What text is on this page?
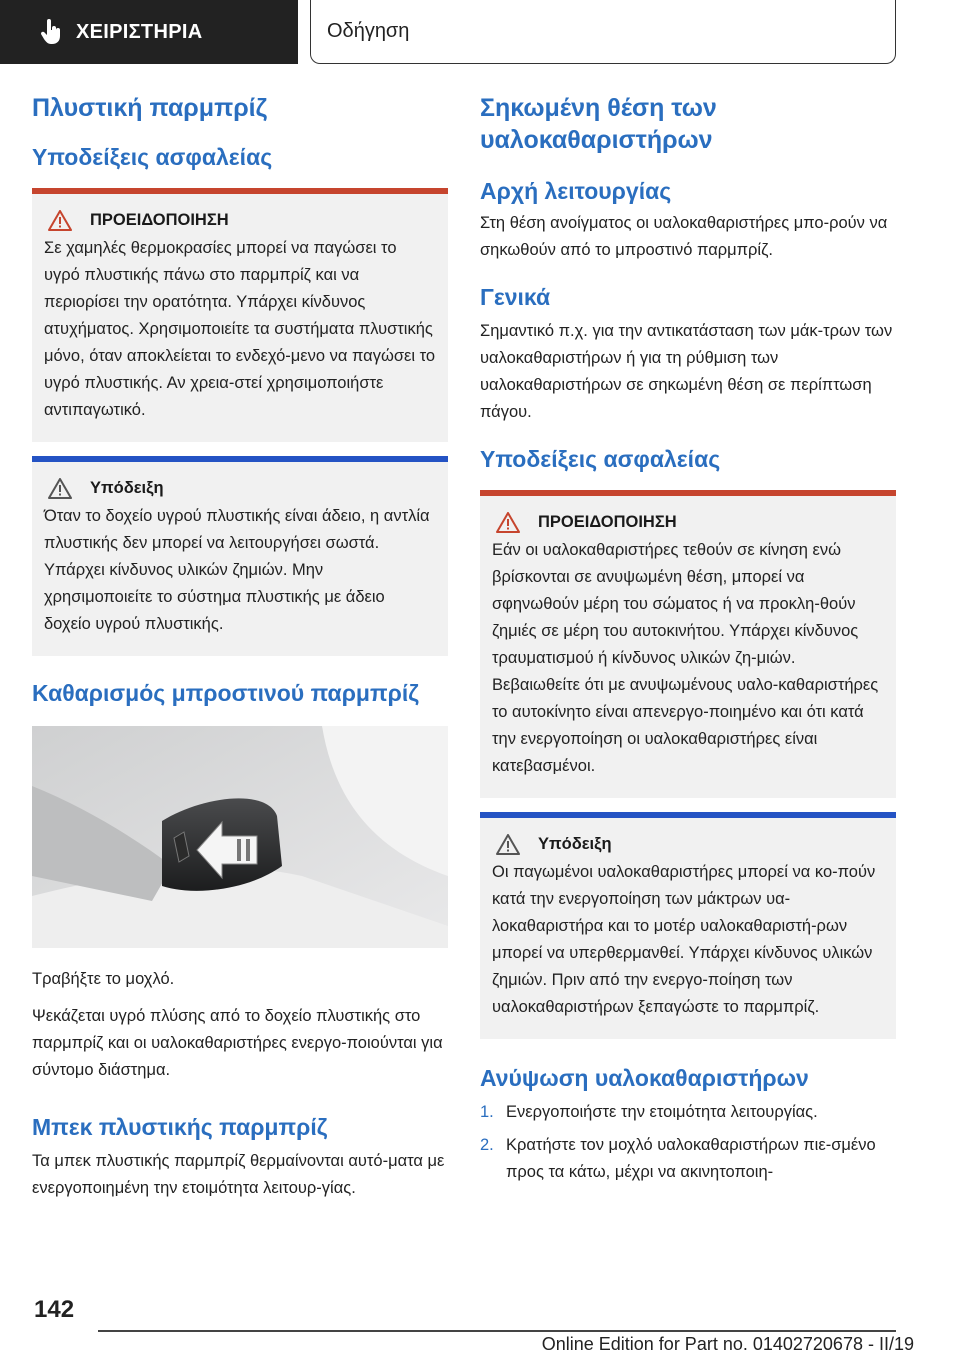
ΧΕΙΡΙΣΤΗΡΙΑ	Οδήγηση
Πλυστική παρμπρίζ
Υποδείξεις ασφαλείας
ΠΡΟΕΙΔΟΠΟΙΗΣΗ

Σε χαμηλές θερμοκρασίες μπορεί να παγώσει το υγρό πλυστικής πάνω στο παρμπρίζ και να περιορίσει την ορατότητα. Υπάρχει κίνδυνος ατυχήματος. Χρησιμοποιείτε τα συστήματα πλυστικής μόνο, όταν αποκλείεται το ενδεχό-μενο να παγώσει το υγρό πλυστικής. Αν χρεια-στεί χρησιμοποιήστε αντιπαγωτικό.

Υπόδειξη

Όταν το δοχείο υγρού πλυστικής είναι άδειο, η αντλία πλυστικής δεν μπορεί να λειτουργήσει σωστά. Υπάρχει κίνδυνος υλικών ζημιών. Μην χρησιμοποιείτε το σύστημα πλυστικής με άδειο δοχείο υγρού πλυστικής.

Καθαρισμός μπροστινού παρμπρίζ

Τραβήξτε το μοχλό.

Ψεκάζεται υγρό πλύσης από το δοχείο πλυστικής στο παρμπρίζ και οι υαλοκαθαριστήρες ενεργο-ποιούνται για σύντομο διάστημα.

Μπεκ πλυστικής παρμπρίζ

Τα μπεκ πλυστικής παρμπρίζ θερμαίνονται αυτό-ματα με ενεργοποιημένη την ετοιμότητα λειτουρ-γίας.

Σηκωμένη θέση των υαλοκαθαριστήρων
Αρχή λειτουργίας

Στη θέση ανοίγματος οι υαλοκαθαριστήρες μπο-ρούν να σηκωθούν από το μπροστινό παρμπρίζ.

Γενικά

Σημαντικό π.χ. για την αντικατάσταση των μάκ-τρων των υαλοκαθαριστήρων ή για τη ρύθμιση των υαλοκαθαριστήρων σε σηκωμένη θέση σε περίπτωση πάγου.

Υποδείξεις ασφαλείας
ΠΡΟΕΙΔΟΠΟΙΗΣΗ

Εάν οι υαλοκαθαριστήρες τεθούν σε κίνηση ενώ βρίσκονται σε ανυψωμένη θέση, μπορεί να σφηνωθούν μέρη του σώματος ή να προκλη-θούν ζημιές σε μέρη του αυτοκινήτου. Υπάρχει κίνδυνος τραυματισμού ή κίνδυνος υλικών ζη-μιών. Βεβαιωθείτε ότι με ανυψωμένους υαλο-καθαριστήρες το αυτοκίνητο είναι απενεργο-ποιημένο και ότι κατά την ενεργοποίηση οι υαλοκαθαριστήρες είναι κατεβασμένοι.

Υπόδειξη

Οι παγωμένοι υαλοκαθαριστήρες μπορεί να κο-πούν κατά την ενεργοποίηση των μάκτρων υα-λοκαθαριστήρα και το μοτέρ υαλοκαθαριστή-ρων μπορεί να υπερθερμανθεί. Υπάρχει κίνδυνος υλικών ζημιών. Πριν από την ενεργο-ποίηση των υαλοκαθαριστήρων ξεπαγώστε το παρμπρίζ.

Ανύψωση υαλοκαθαριστήρων
1. Ενεργοποιήστε την ετοιμότητα λειτουργίας.
2. Κρατήστε τον μοχλό υαλοκαθαριστήρων πιε-σμένο προς τα κάτω, μέχρι να ακινητοποιη-
142
Online Edition for Part no. 01402720678 - II/19
